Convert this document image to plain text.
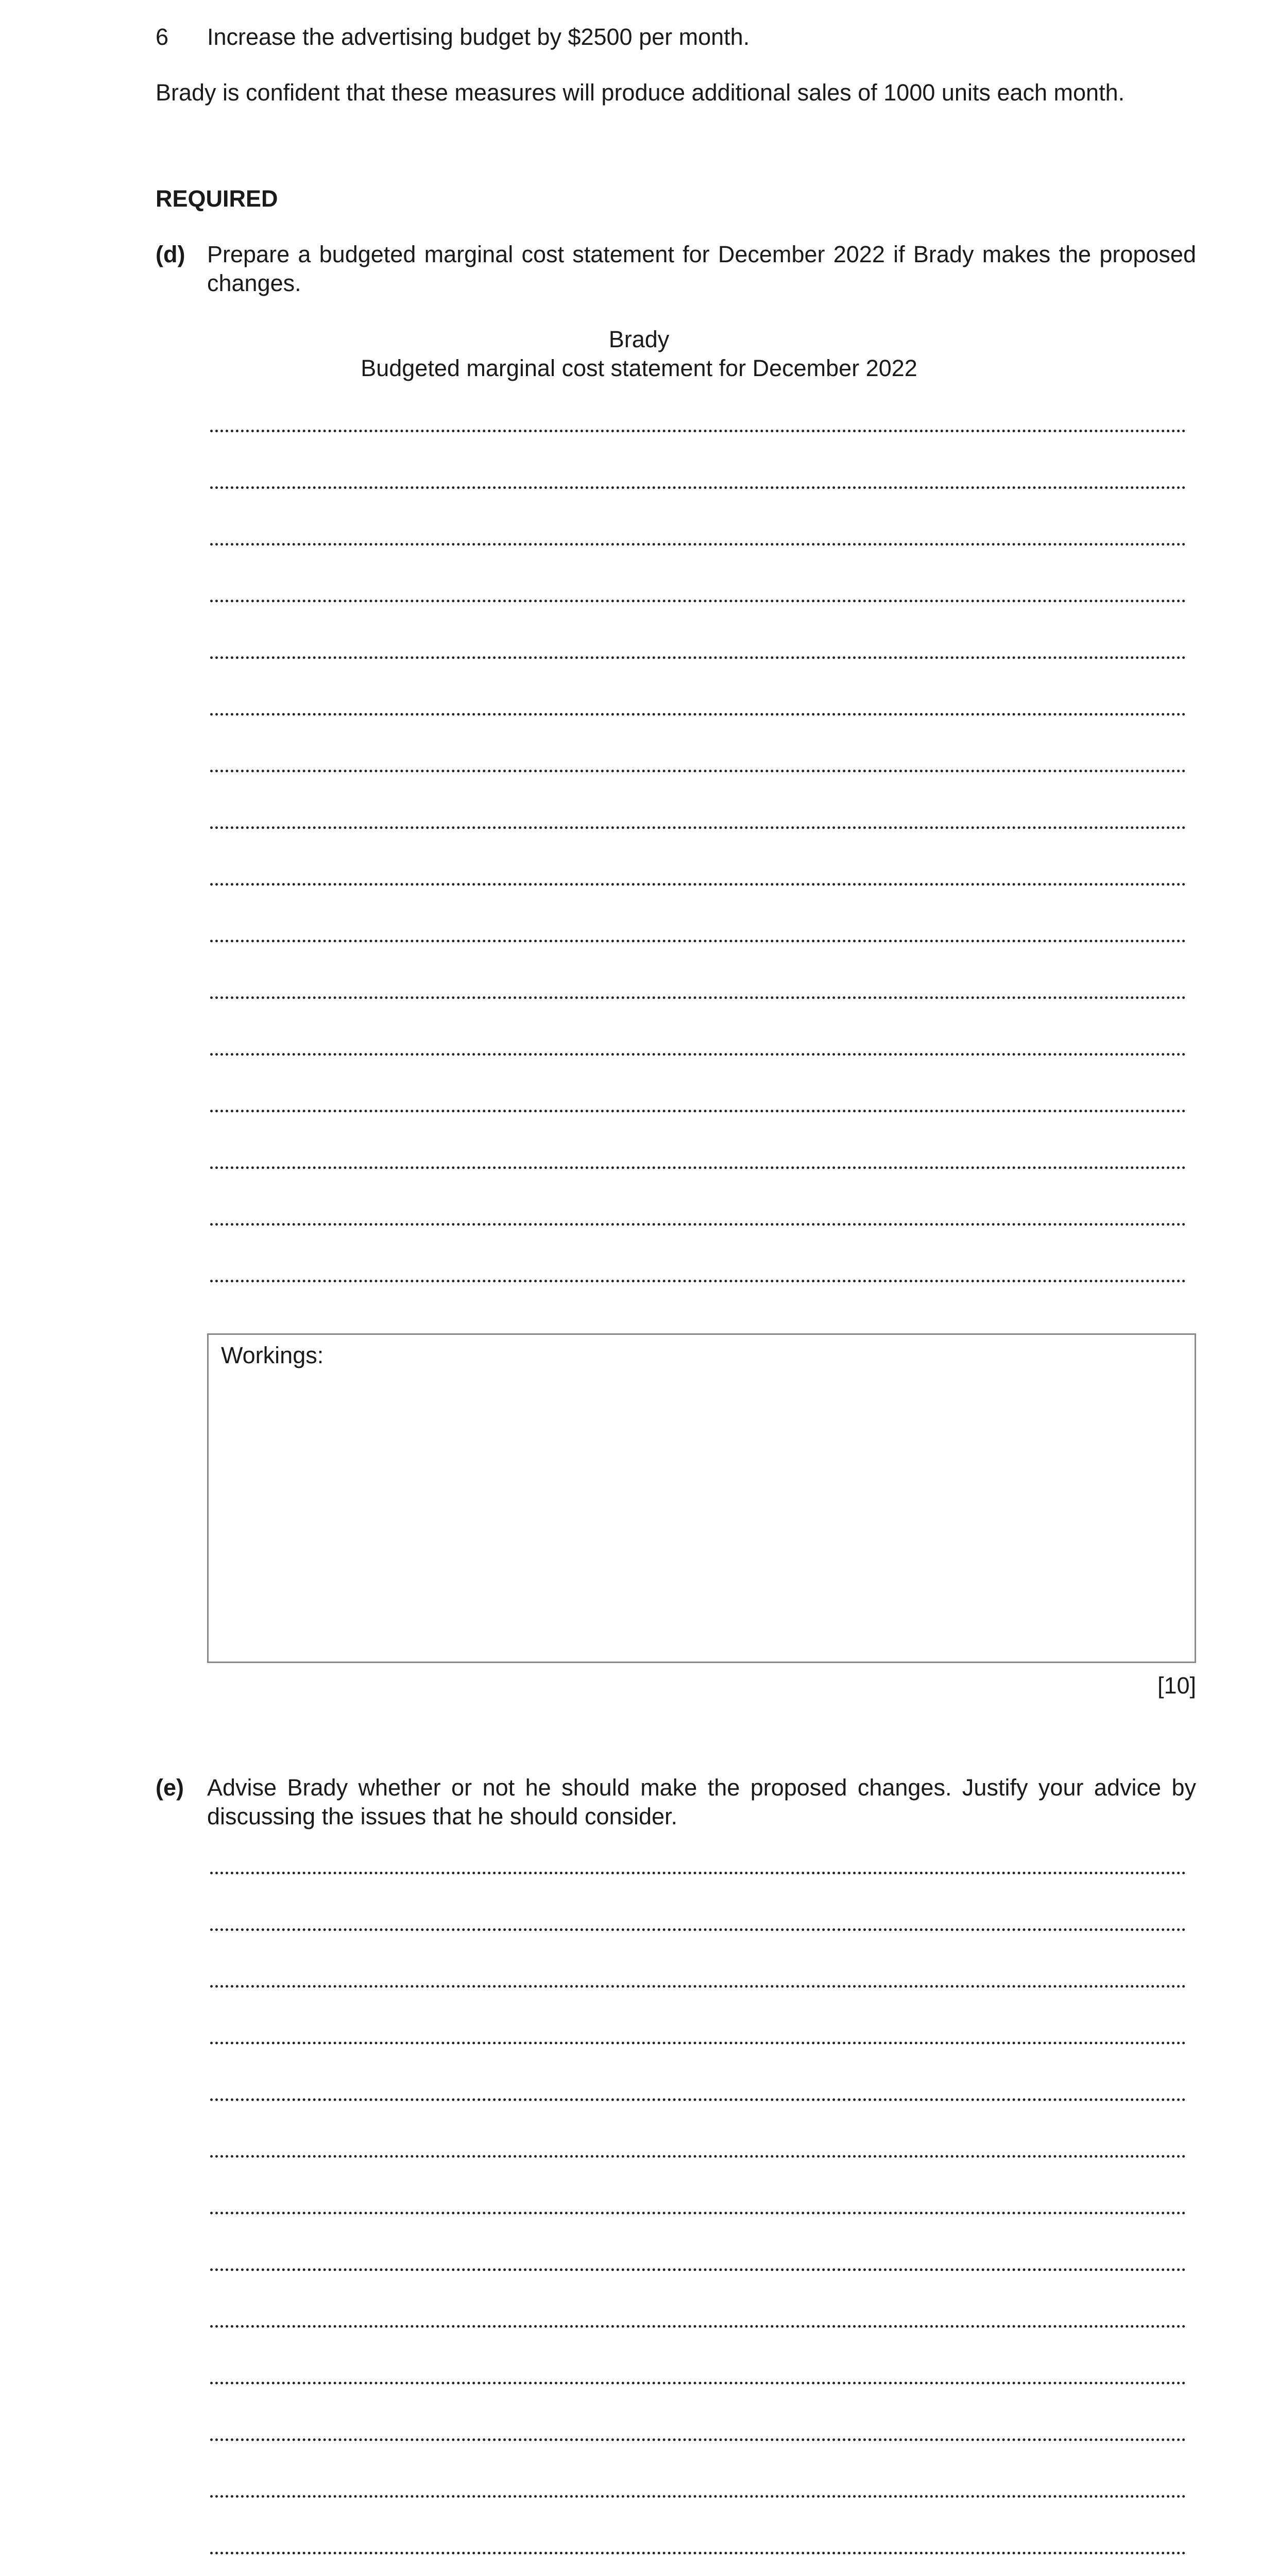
6 Increase the advertising budget by $2500 per month.
Brady is confident that these measures will produce additional sales of 1000 units each month.
REQUIRED
(d) Prepare a budgeted marginal cost statement for December 2022 if Brady makes the proposed changes.
Brady
Budgeted marginal cost statement for December 2022
Workings:
[10]
(e) Advise Brady whether or not he should make the proposed changes. Justify your advice by discussing the issues that he should consider.
